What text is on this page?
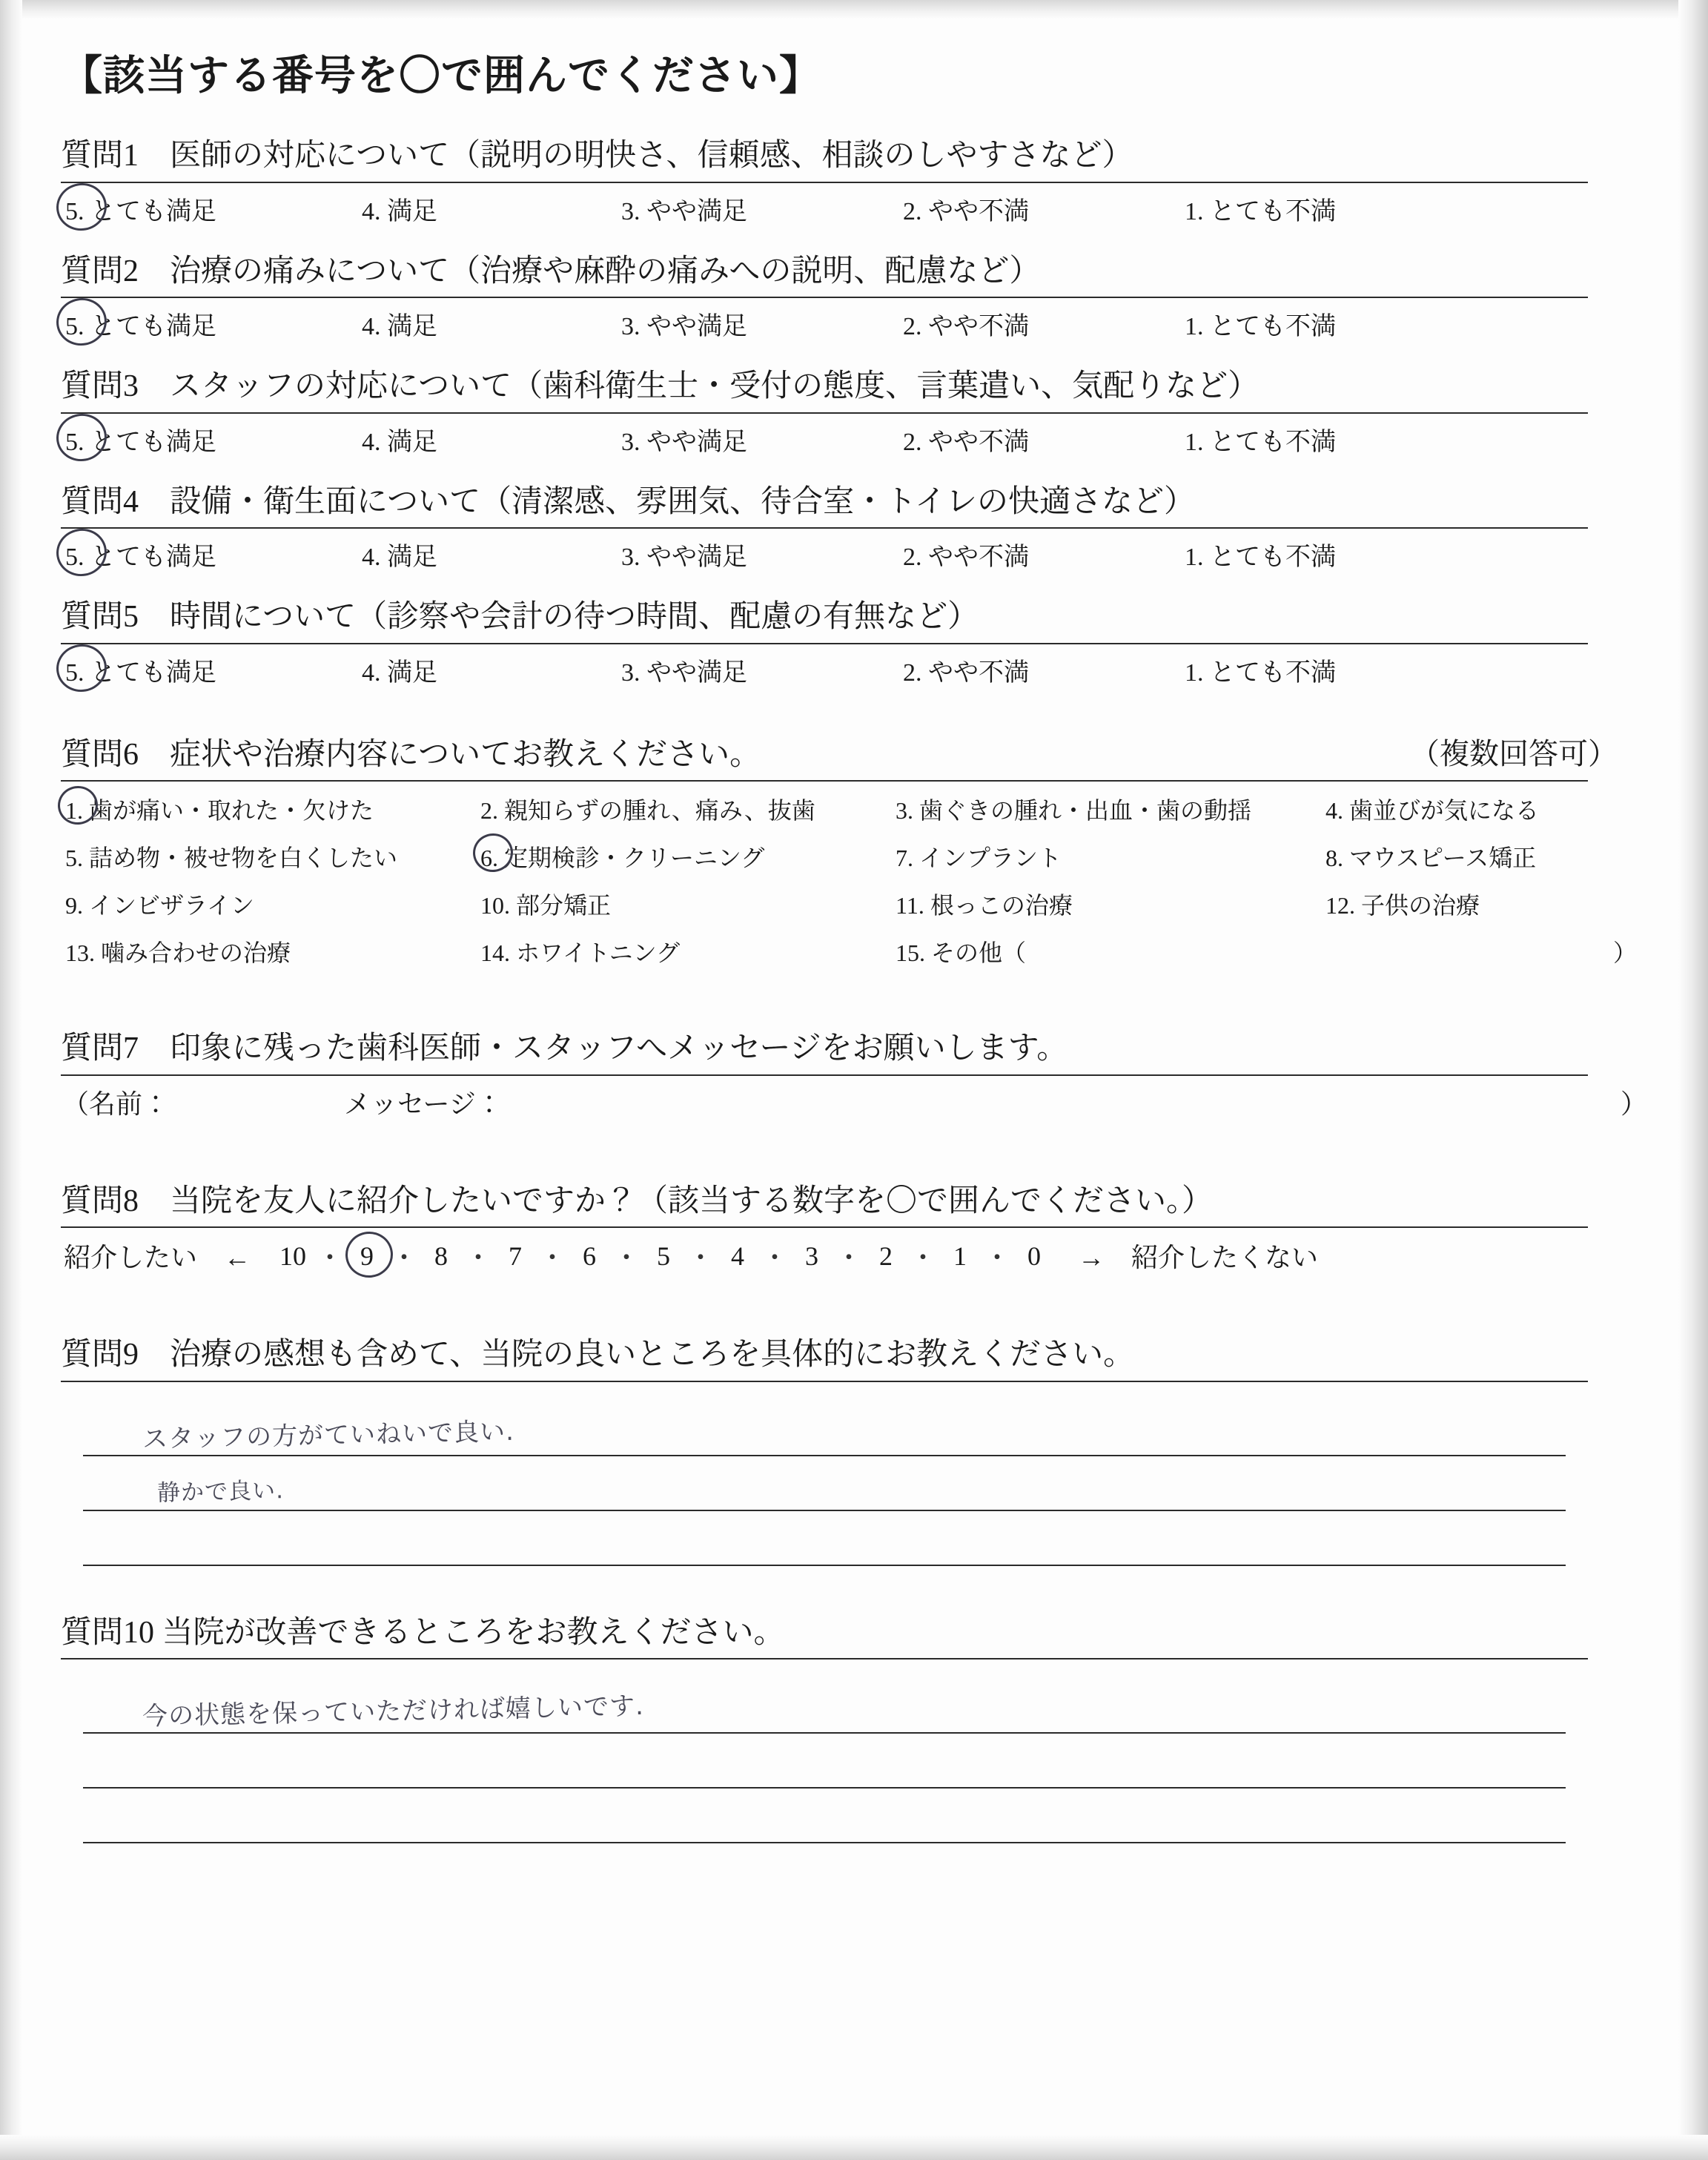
【該当する番号を〇で囲んでください】
質問1　医師の対応について（説明の明快さ、信頼感、相談のしやすさなど）
5. とても満足	4. 満足	3. やや満足	2. やや不満	1. とても不満
質問2　治療の痛みについて（治療や麻酔の痛みへの説明、配慮など）
5. とても満足	4. 満足	3. やや満足	2. やや不満	1. とても不満
質問3　スタッフの対応について（歯科衛生士・受付の態度、言葉遣い、気配りなど）
5. とても満足	4. 満足	3. やや満足	2. やや不満	1. とても不満
質問4　設備・衛生面について（清潔感、雰囲気、待合室・トイレの快適さなど）
5. とても満足	4. 満足	3. やや満足	2. やや不満	1. とても不満
質問5　時間について（診察や会計の待つ時間、配慮の有無など）
5. とても満足	4. 満足	3. やや満足	2. やや不満	1. とても不満
質問6　症状や治療内容についてお教えください。	（複数回答可）
1. 歯が痛い・取れた・欠けた	2. 親知らずの腫れ、痛み、抜歯	3. 歯ぐきの腫れ・出血・歯の動揺	4. 歯並びが気になる
5. 詰め物・被せ物を白くしたい	6. 定期検診・クリーニング	7. インプラント	8. マウスピース矯正
9. インビザライン	10. 部分矯正	11. 根っこの治療	12. 子供の治療
13. 噛み合わせの治療	14. ホワイトニング	15. その他（	）
質問7　印象に残った歯科医師・スタッフへメッセージをお願いします。
（名前：	メッセージ：	）
質問8　当院を友人に紹介したいですか？（該当する数字を〇で囲んでください。）
紹介したい　← 10 ・ 9 ・ 8 ・ 7 ・ 6 ・ 5 ・ 4 ・ 3 ・ 2 ・ 1 ・ 0	→　紹介したくない
質問9　治療の感想も含めて、当院の良いところを具体的にお教えください。
スタッフの方がていねいで良い.
静かで良い.
質問10 当院が改善できるところをお教えください。
今の状態を保っていただければ嬉しいです.
